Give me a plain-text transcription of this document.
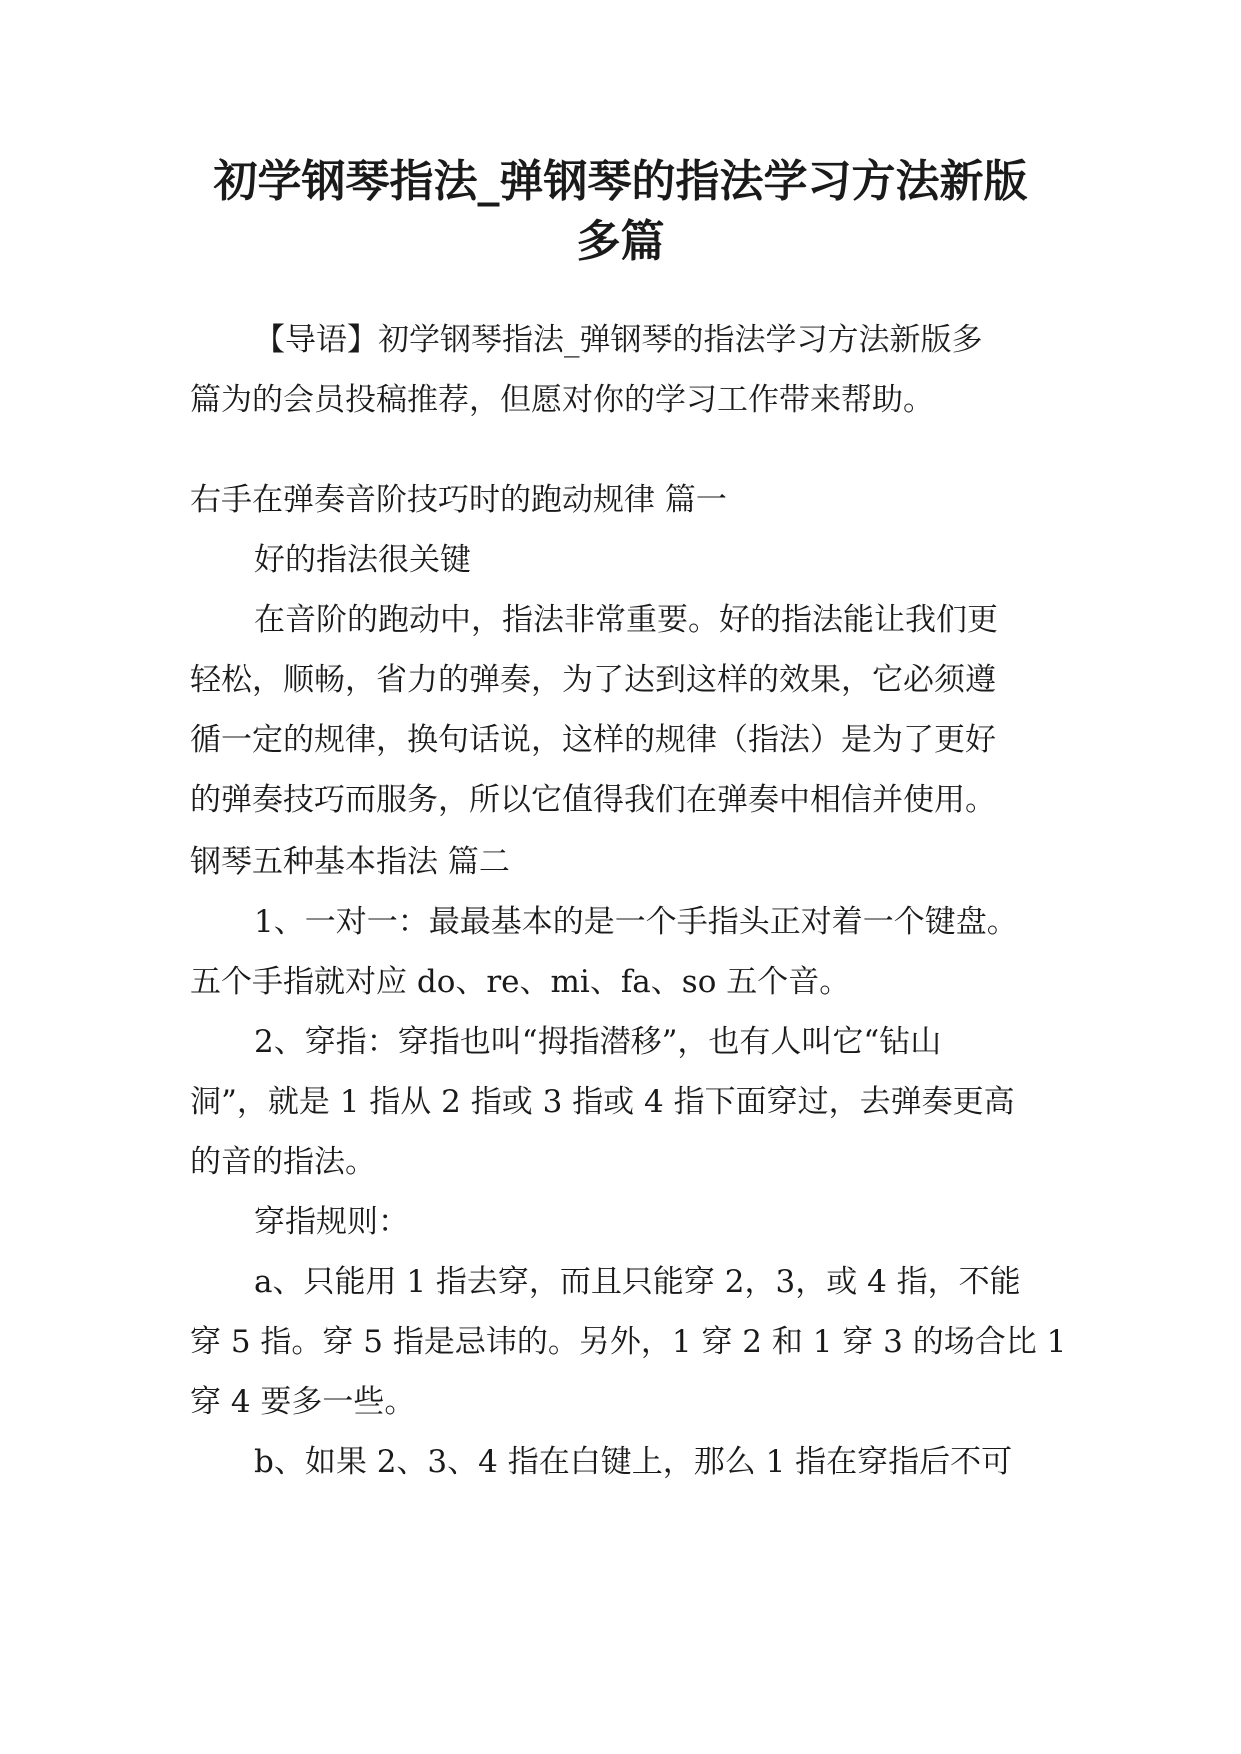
初学钢琴指法_弹钢琴的指法学习方法新版
多篇
【导语】初学钢琴指法_弹钢琴的指法学习方法新版多
篇为的会员投稿推荐，但愿对你的学习工作带来帮助。
右手在弹奏音阶技巧时的跑动规律 篇一
好的指法很关键
在音阶的跑动中，指法非常重要。好的指法能让我们更
轻松，顺畅，省力的弹奏，为了达到这样的效果，它必须遵
循一定的规律，换句话说，这样的规律（指法）是为了更好
的弹奏技巧而服务，所以它值得我们在弹奏中相信并使用。
钢琴五种基本指法 篇二
1、一对一：最最基本的是一个手指头正对着一个键盘。
五个手指就对应 do、re、mi、fa、so 五个音。
2、穿指：穿指也叫“拇指潜移”，也有人叫它“钻山
洞”，就是 1 指从 2 指或 3 指或 4 指下面穿过，去弹奏更高
的音的指法。
穿指规则：
a、只能用 1 指去穿，而且只能穿 2，3，或 4 指，不能
穿 5 指。穿 5 指是忌讳的。另外，1 穿 2 和 1 穿 3 的场合比 1
穿 4 要多一些。
b、如果 2、3、4 指在白键上，那么 1 指在穿指后不可
